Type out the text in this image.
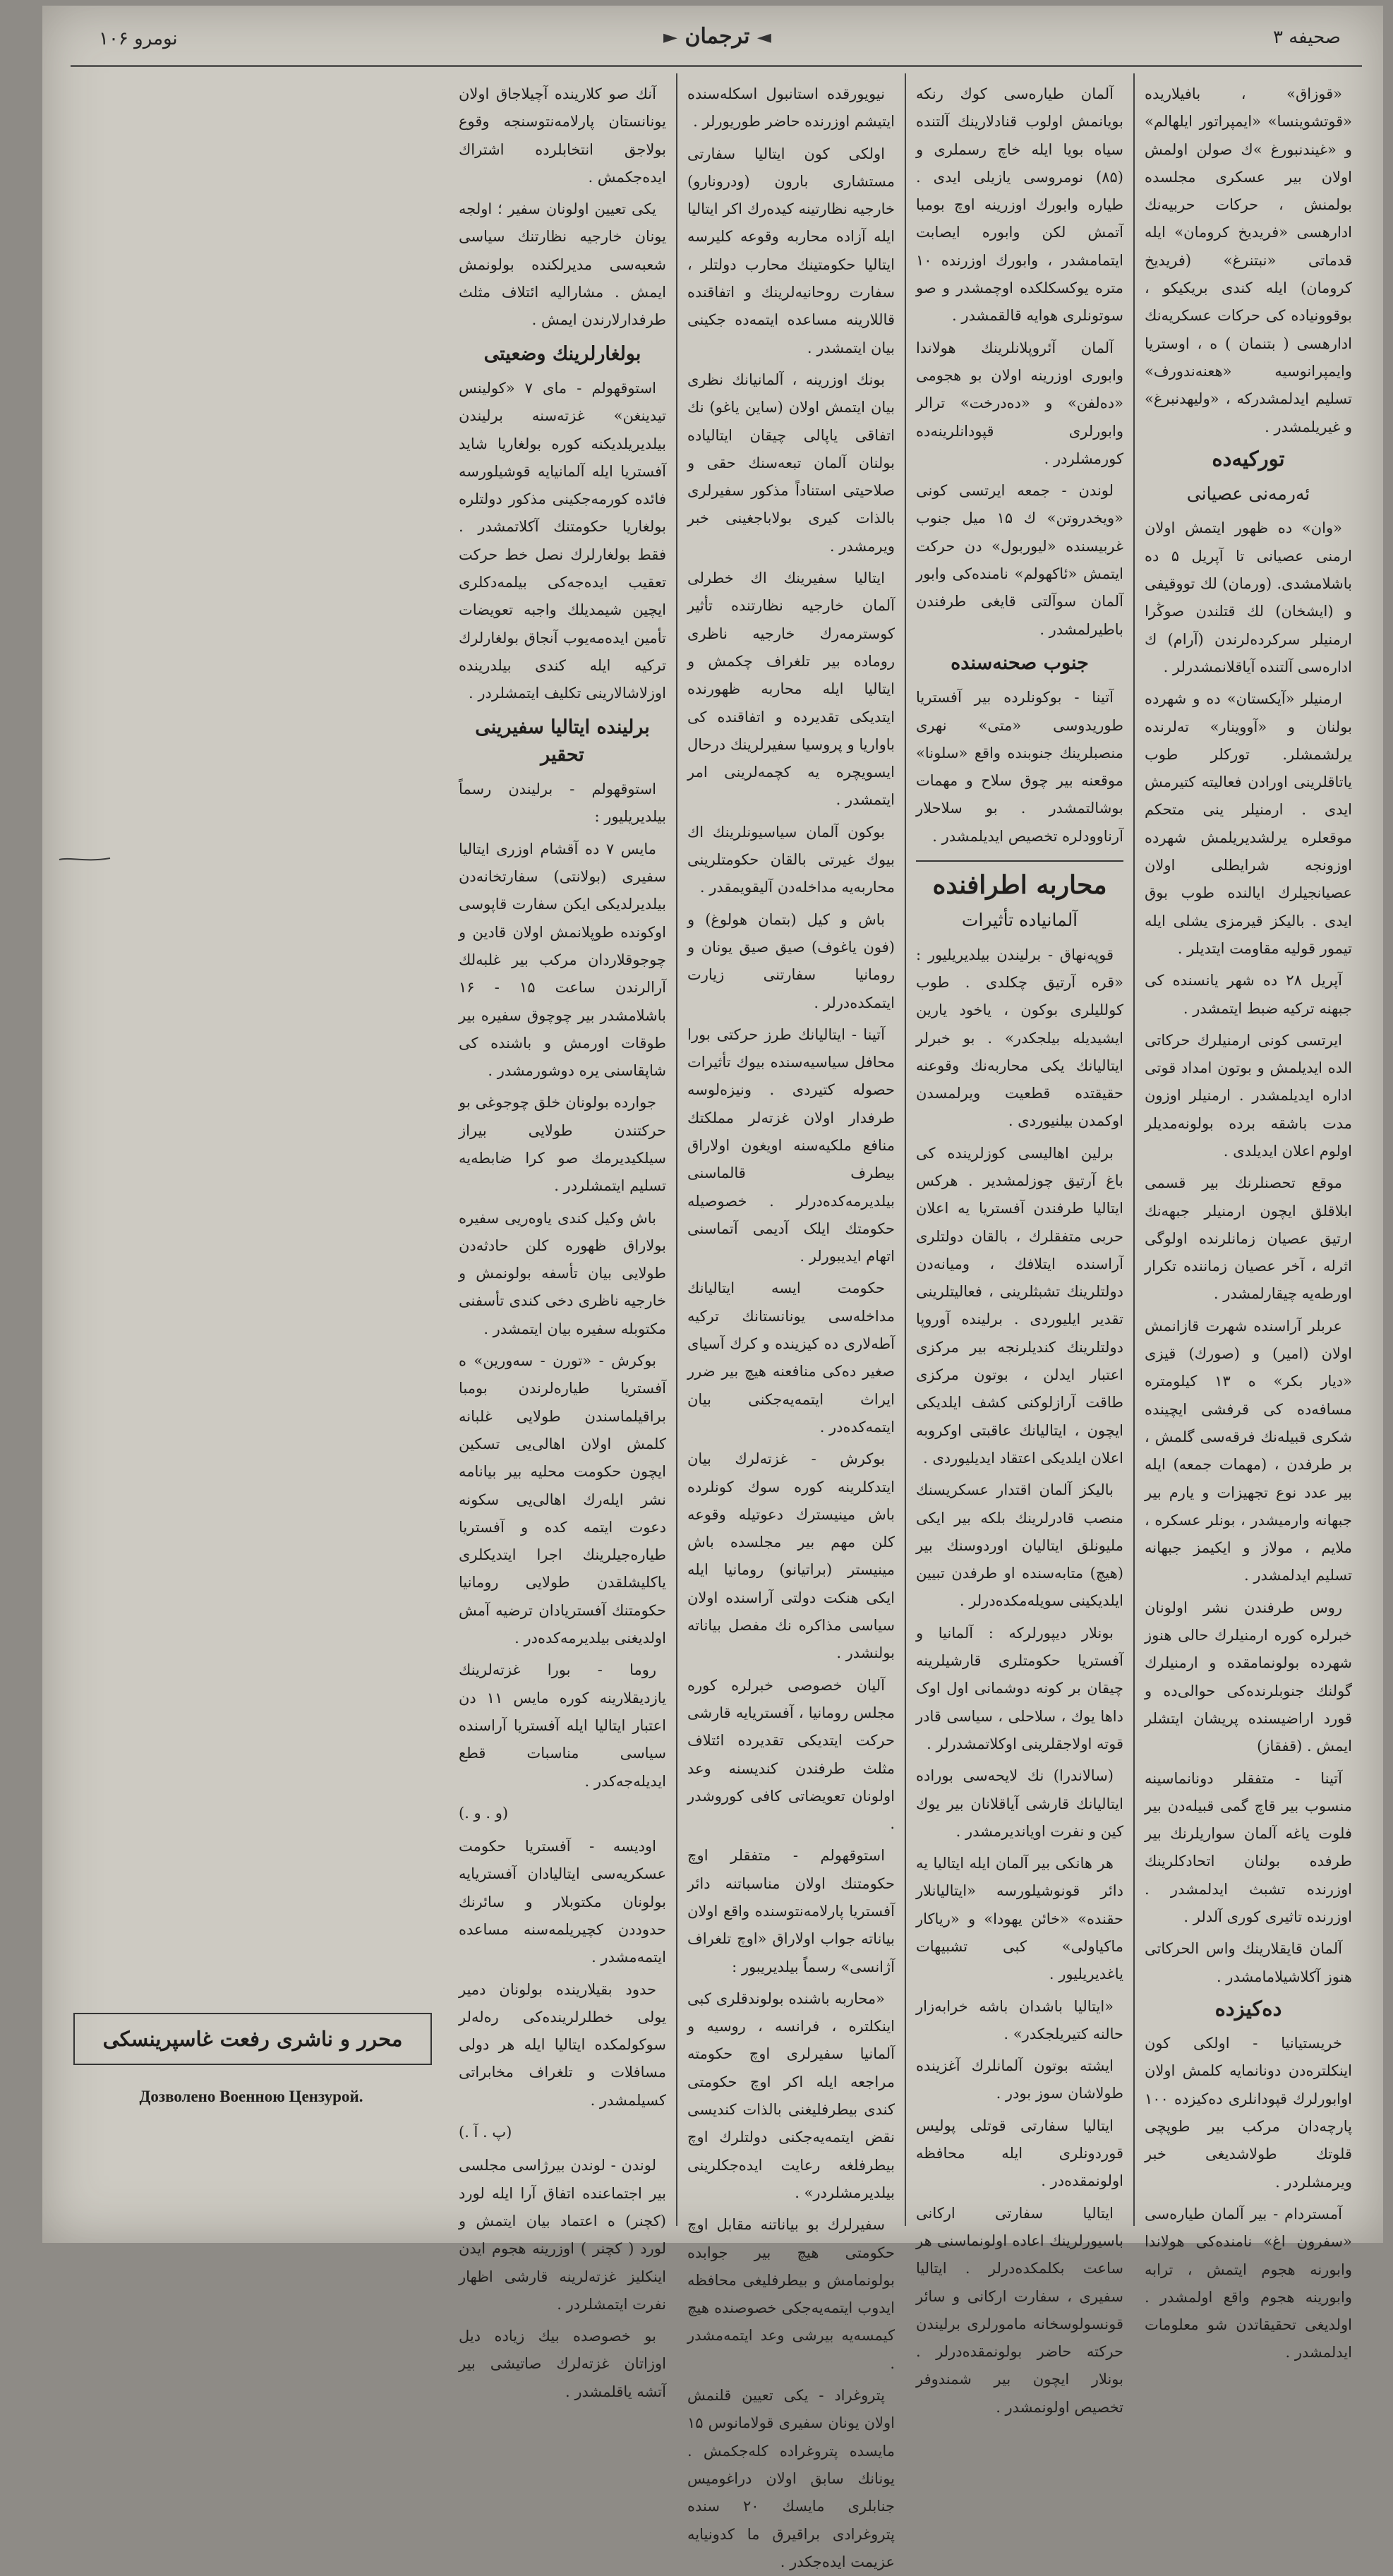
صحیفه ۳
◄ ترجمان ►
نومرو ۱۰۶

«قوزاق» ، بافیلاریده «قوتشوینسا» «ایمپراتور ایلهالم» و «غیندنبورغ »ك صولن اولمش اولان بیر عسکری مجلسده بولمنش ، حرکات حربیه‌نك ادارهسی «فریدیخ کرومان» ایله‌ قدماتی «نبتنرغ» (فریدیخ کرومان) ایله‌ کندی بریکیکو ، بوقوونیاده کی حرکات عسکریه‌نك ادارهسی ( بتنمان ) ه ، اوستریا وایمپرانوسیه «هعنه‌ندورف» تسلیم ایدلمشدرکه‌ ، «ولیهدنبرغ» و غیریلمشدر .

تورکیه‌ده
ئەرمەنى عصیانى

«وان» ده ظهور ایتمش اولان ارمنی عصیانی تا آپریل ۵ ده باشلامشدی. (ورمان) لك تووقیفی و (ایشخان) لك قتلندن صوڭرا ارمنیلر سرکرده‌لرندن (آرام) ك اداره‌سی آلتنده آیاقلانمشدرلر .

ارمنیلر «آیکستان» ده و شهرده بولنان و «آووینار» ته‌لرنده یرلشمشلر. توركلر طوب یاتاقلرینی اورادن فعالیته‌ کتیرمش ایدی . ارمنیلر ینی متحکم موقعلره یرلشدیریلمش شهرده اوزونجه شرایطلی اولان عصیانجیلرك ایالنده طوب بوق ایدی . بالیکز قیرمزی یشلی ایله‌ تیمور قولیه‌ مقاومت ایتدیلر .

آپریل ۲۸ ده شهر یانسنده کی جبهنه ترکیه ضبط ایتمشدر .

ایرتسی کونی ارمنیلرك حرکاتی الده ایدیلمش و بوتون امداد قوتی اداره ایدیلمشدر . ارمنیلر اوزون مدت باشقه برده بولونه‌مدیلر اولوم اعلان ایدیلدی .

موقع تحصنلرنك بیر قسمی ابلاقلق ایچون ارمنیلر جبهه‌نك ارتیق عصیان زمانلرنده اولوگی اثرله‌ ، آخر عصیان زماننده تکرار اورطه‌یه چیقارلمشدر .

عربلر آراسنده شهرت قازانمش اولان (امیر) و (صورك) قیزی «دیار بکر» ه ۱۳ کیلومتره مسافه‌ده کی قرفشی ایچینده شکری قبیله‌نك فرقه‌سی گلمش ، بر طرفدن ، (مهمات جمعه) ایله بیر عدد نوع تجهیزات و یارم بیر جبهانه‌ وارمیشدر ، بونلر عسکره ، ملایم ، مولاز و ایکیمز جبهانه تسلیم ایدلمشدر .

روس طرفندن نشر اولونان خبرلره کوره ارمنیلرك حالی هنوز شهرده بولونمامقده و ارمنیلرك گولنك جنوبلرنده‌کی حوالی‌ده و قورد اراضیسنده پریشان ایتشلر ایمش . (قفقاز)

آتینا - متفقلر دونانماسینه منسوب بیر قاچ گمی قبیله‌دن بیر فلوت یاغه آلمان سواریلرنك بیر طرفده بولنان اتحادكلرینك اوزرنده تشبث ایدلمشدر . اوزرنده تاثیری کوری آلدلر .

آلمان قایقلارینك واس الحرکاتی هنوز آکلاشیلامامشدر .

ده‌کیزده

خریستیانیا - اولکی کون اینکلتره‌دن دونانمایه کلمش اولان اوابورلرك قپودانلری ده‌کیزده ۱۰۰ پارچه‌دان مرکب بیر طوپچی قلوتك طولاشدیغی خبر ویرمشلردر .

آمستردام - بیر آلمان طیاره‌سی «سفرون اغ» نامنده‌کی هولاندا وابورنه هجوم ایتمش ، ترابه وابورینه هجوم واقع اولمشدر . اولدیغی تحقیقاتدن شو معلومات ایدلمشدر .

آلمان طیاره‌سی کوك رنکه بویانمش اولوب قنادلارینك آلتنده سیاه بویا ایله خاچ رسملری و (۸۵) نومروسی یازیلی ایدی . طیاره‌ وابورك اوزرینه اوچ بومبا آتمش لکن وابوره ایصابت ایتمامشدر ، وابورك اوزرنده ۱۰ متره یوکسکلکده اوچمشدر و صو سوتونلری هوایه قالقمشدر .

آلمان آئروپلانلرینك هولاندا وابوری اوزرینه اولان بو هجومی «ده‌لفن» و «ده‌درخت» ترالر وابورلری قپودانلرینه‌ده کورمشلردر .

لوندن - جمعه ایرتسی کونی «ویخدروتن» ك ۱۵ میل جنوب غربیسنده «لیوربول» دن حرکت ایتمش «ئاکهولم» نامنده‌کی وابور آلمان سوآلتی قایغی طرفندن باطیرلمشدر .

جنوب صحنه‌سنده

آتینا - بوکونلرده بیر آفستریا طوریدوسی «متی» نهری منصبلرینك جنوبنده واقع «سلونا» موقعنه بیر چوق سلاح و مهمات بوشالتمشدر . بو سلاحلار آرناوودلره تخصیص ایدیلمشدر .

محاربه اطرافنده
آلمانیاده تأثیرات

قوپه‌نهاق - برلیندن بیلدیریلیور : «قره آرتیق چکلدی . طوب کوللیلری بوکون ، یاخود یارین ایشیدیله‌ بیلجکدر» . بو خبرلر ایتالیانك یکی محاربه‌نك وقوعنه حقیقتده قطعیت ویرلمسدن اوکمدن بیلنیوردی .

برلین اهالیسی کوزلرینده کی باغ آرتیق چوزلمشدیر . هرکس ایتالیا طرفندن آفستریا یه‌ اعلان حربی متفقلرك ، بالقان دولتلری آراسنده ایتلافك ، ومیانه‌دن دولتلرینك تشبثلرینی ، فعالیتلرینی تقدیر ایلیوردی . برلینده آوروپا دولتلرینك کندیلرنجه بیر مرکزی اعتبار ایدلن ، بوتون مرکزی طاقت آرازلوکنی کشف ایلدیکی ایچون ، ایتالیانك عاقبتی اوکروبه اعلان ایلدیکی اعتقاد ایدیلیوردی .

بالیکز آلمان اقتدار عسکریسنك منصب قادرلرینك بلکه‌ بیر ایکی ملیونلق ایتالیان اوردوسنك بیر (هیچ) متابه‌سنده او طرفدن تبیین ایلدیکینی سویله‌مکده‌درلر .

بونلار دیپورلرکه : آلمانیا و آفستریا حکومتلری قارشیلرینه چیقان بر کونه دوشمانی اول اوک داها یوك ، سلاحلی ، سیاسی قادر قوته اولاجقلرینی اوکلاتمشدرلر .

(سالاندرا) نك لایحه‌سی بوراده ایتالیانك قارشی آیاقلانان بیر یوك کین و نفرت اویاندیرمشدر .

هر هانکی بیر آلمان ایله ایتالیا یه‌ دائر قونوشیلورسه «ایتالیانلار حقنده» «خائن یهودا» و «ریاکار ماکیاولی» کبی تشبیهات یاغدیریلیور .

«ایتالیا باشدان باشه خرابه‌زار حالنه کتیریلجکدر» .

ایشته بوتون آلمانلرك آغزینده طولاشان سوز بودر .

ایتالیا سفارتی قوتلی پولیس قوردونلری ایله محافظه‌ اولونمقده‌در .

ایتالیا سفارتی ارکانی باسیورلرینك اعاده اولونماسنی هر ساعت بکلمکده‌درلر . ایتالیا سفیری ، سفارت ارکانی و سائر قونسولوسخانه‌ مامورلری برلیندن حرکته حاضر بولونمقده‌درلر . بونلار ایچون بیر شمندوفر تخصیص اولونمشدر .

نیویورقده استانبول اسکله‌سنده ایتیشم اوزرنده حاضر طوریورلر .

اولکی کون ایتالیا سفارتی مستشاری بارون (ودرونارو) خارجیه نظارتینه کیده‌رك اکر ایتالیا ایله آزاده محاربه وقوعه کلیرسه ایتالیا حکومتینك محارب دولتلر ، سفارت روحانیه‌لرینك و اتفاقنده قاللارینه مساعده ایتمه‌ده جکینی بیان ایتمشدر .

بونك اوزرینه ، آلمانیانك نظری بیان ایتمش اولان (ساین یاغو) نك اتفاقی یاپالی چیقان ایتالیاده بولنان آلمان تبعه‌سنك حقی و صلاحیتی استناداً مذکور سفیرلری بالذات کیری بولاباجغینی خبر ویرمشدر .

ایتالیا سفیرینك اك خطرلی آلمان خارجیه نظارتنده تأثیر کوسترمه‌رك خارجیه ناظری روماده بیر تلغراف چکمش و ایتالیا ایله محاربه ظهورنده ایتدیکی تقدیرده و اتفاقنده کی باواریا و پروسیا سفیرلرینك درحال ایسویچره یه کچمه‌لرینی امر ایتمشدر .

بوکون آلمان سیاسیونلرینك اك بیوك غیرتی بالقان حکومتلرینی محاربه‌یه مداخله‌دن آلیقویمقدر .

باش و کیل (بتمان هولوغ) و (فون یاغوف) صیق صیق یونان و رومانیا سفارتنی زیارت ایتمکده‌درلر .

آتینا - ایتالیانك طرز حرکتی بورا محافل سیاسیه‌سنده بیوك تأثیرات حصوله کتیردی . ونیزه‌لوسه طرفدار اولان غزته‌لر مملکتك منافع ملکیه‌سنه اویغون اولاراق بیطرف قالماسنی بیلدیرمه‌کده‌درلر . خصوصیله حکومتك ایلک آدیمی آتماسنی اتهام ایدیبورلر .

حکومت ایسه ایتالیانك مداخله‌سی یونانستانك ترکیه آطه‌لاری ده کیزینده و کرك آسیای صغیر ده‌کی منافعنه هیچ بیر ضرر ایراث ایتمه‌یه‌جکنی بیان ایتمه‌کده‌در .

بوکرش - غزته‌لرك بیان ایتدکلرینه کوره سوك کونلرده باش مینیسترك دعوتیله وقوعه کلن مهم بیر مجلسده باش مینیستر (براتیانو) رومانیا ایله ایکی هنکت دولتی آراسنده اولان سیاسی مذاکره‌ نك مفصل بیاناته بولنشدر .

آلیان خصوصی خبرلره کوره مجلس رومانیا ، آفستریایه قارشی حرکت ایتدیکی تقدیرده ائتلاف مثلث طرفندن کندیسنه وعد اولونان تعویضاتی کافی کوروشدر .

استوقهولم - متفقلر اوچ حکومتنك اولان مناسباتنه دائر آفستریا پارلامه‌نتوسنده واقع اولان بیاناته جواب اولاراق «اوچ تلغراف آژانسی» رسماً بیلدیریبور :

«محاربه باشنده بولوندقلری کبی اینکلتره ، فرانسه ، روسیه و آلمانیا سفیرلری اوچ حکومته مراجعه ایله اکر اوچ حکومتی کندی بیطرفلیغنی بالذات کندیسی نقض ایتمه‌یه‌جکنی دولتلرك اوچ بیطرفلغه رعایت ایده‌جکلرینی بیلدیرمشلردر» .

سفیرلرك بو بیاناتنه مقابل اوچ حکومتی هیچ بیر جوابده بولونمامش و بیطرفلیغی محافظه‌ ایدوب ایتمه‌یه‌جکی خصوصنده هیچ کیمسه‌یه بیرشی وعد ایتمه‌مشدر .

پتروغراد - یکی تعیین قلنمش اولان یونان سفیری قولامانوس ۱۵ مایسده پتروغراده کله‌جکمش . یونانك سابق اولان دراغومیس جنابلری مایسك ۲۰ سنده پتروغرادی براقیرق ما کدونیایه عزیمت ایده‌جکدر .

آنك صو کلارینده آچیلاجاق اولان یونانستان پارلامه‌نتوسنجه وقوع بولاجق انتخابلرده اشتراك ایده‌جکمش .

یکی تعیین اولونان سفیر ؛ اولجه یونان خارجیه نظارتنك سیاسی شعبه‌سی مدیرلکنده بولونمش ایمش . مشارالیه ائتلاف مثلث طرفدارلارندن ایمش .

بولغارلرینك وضعیتی

استوقهولم - مای ۷ «کولینس تید‌ینغن» غزته‌سنه برلیندن بیلدیریلدیکنه کوره بولغاریا شاید آفستریا ایله آلمانیایه قوشیلورسه فائده کورمه‌جکینی مذکور دولتلره بولغاریا حکومتنك آکلاتمشدر . فقط بولغارلرك نصل خط حرکت تعقیب ایده‌جه‌کی بیلمه‌دکلری ایچین شیمدیلك واجبه تعویضات تأمین ایده‌مه‌یوب آنجاق بولغارلرك ترکیه ایله کندی بیلدرینده اوزلاشالارینی تکلیف ایتمشلردر .

برلینده ایتالیا سفیرینی تحقیر

استوقهولم - برلیندن رسماً بیلدیریلیور :

مایس ۷ ده آقشام اوزری ایتالیا سفیری (بولانتی) سفارتخانه‌دن بیلدیرلدیکی ایکن سفارت قاپوسی اوکونده طوپلانمش اولان قادین و چوجوقلاردان مرکب بیر غلبه‌لك آرالرندن ساعت ۱۵ - ۱۶ باشلامشدر بیر چوچوق سفیره بیر طوقات اورمش و باشنده کی شاپقاسنی یره دوشورمشدر .

جوارده بولونان خلق چوجوغی بو حرکتندن طولایی بیراز سیلکیدیرمك صو کرا ضابطه‌یه تسلیم ایتمشلردر .

باش وکیل کندی یاوه‌ریی سفیره بولاراق ظهوره کلن حادثه‌دن طولایی بیان تأسفه بولونمش و خارجیه ناظری دخی کندی تأسفنی مکتوبله سفیره بیان ایتمشدر .

بوکرش - «تورن - سه‌ورین» ه آفستریا طیاره‌لرندن بومبا براقیلماسندن طولایی غلبانه کلمش اولان اهالی‌یی تسکین ایچون حکومت محلیه بیر بیانامه نشر ایله‌رك اهالی‌یی سکونه دعوت ایتمه کده و آفستریا طیاره‌جیلرینك اجرا ایتدیکلری یاکلیشلقدن طولایی رومانیا حکومتنك آفستریادان ترضیه آمش اولدیغنی بیلدیرمه‌کده‌در .

روما - بورا غزته‌لرینك یازدیقلارینه کوره مایس ۱۱ دن اعتبار ایتالیا ایله آفستریا آراسنده سیاسی مناسبات قطع ایدیله‌جه‌کدر .

(و . و .)

اودیسه - آفستریا حکومت عسکریه‌سی ایتالیادان آفستریایه بولونان مکتوبلار و سائرنك حدوددن کچیریلمه‌سنه مساعده ایتمه‌مشدر .

حدود بقیلارینده بولونان دمیر یولی خطلرلرینده‌کی ره‌له‌لر سوکولمکده ایتالیا ایله هر دولی مسافلات و تلغراف مخابراتی کسیلمشدر .

(پ . آ .)

لوندن - لوندن بیرژاسی مجلسی بیر اجتماعنده اتفاق آرا ایله لورد (کچنر) ه اعتماد بیان ایتمش و لورد ( کچنر ) اوزرینه هجوم ایدن اینکلیز غزته‌لرینه قارشی اظهار نفرت ایتمشلردر .

بو خصوصده بیك زیاده دیل اوزاتان غزته‌لرك صاتیشی بیر آتشه یاقلمشدر .

محرر و ناشری رفعت غاسپرینسکی
Дозволено Военною Цензурой.
